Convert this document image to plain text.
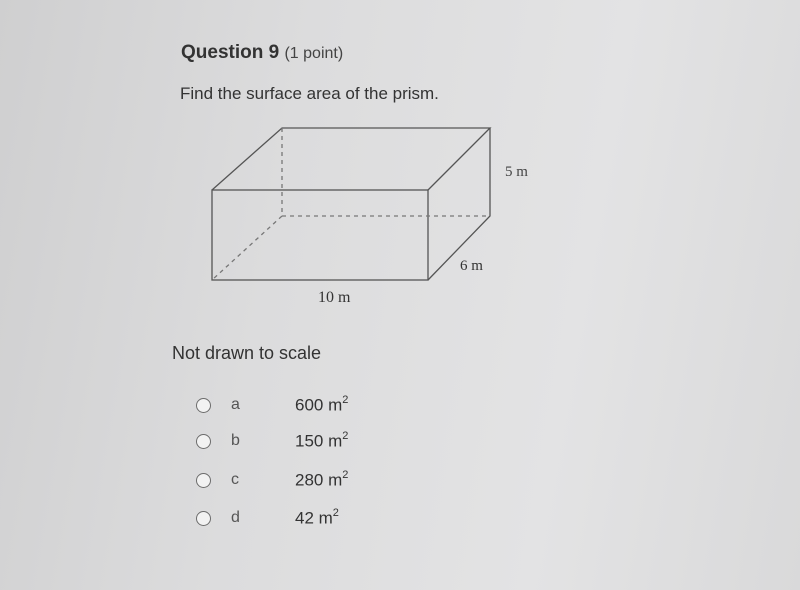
Question 9 (1 point)
Find the surface area of the prism.
5 m
6 m
10 m
Not drawn to scale
a	600 $m^2$
b	150 $m^2$
c	280 $m^2$
d	42 $m^2$
